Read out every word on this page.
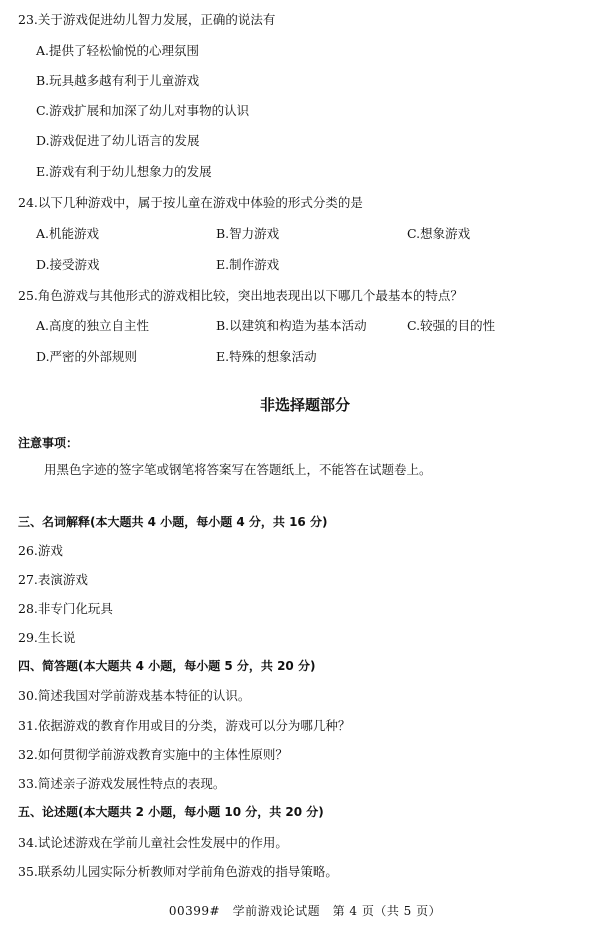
23.关于游戏促进幼儿智力发展，正确的说法有
A.提供了轻松愉悦的心理氛围
B.玩具越多越有利于儿童游戏
C.游戏扩展和加深了幼儿对事物的认识
D.游戏促进了幼儿语言的发展
E.游戏有利于幼儿想象力的发展
24.以下几种游戏中，属于按儿童在游戏中体验的形式分类的是
A.机能游戏	B.智力游戏	C.想象游戏
D.接受游戏	E.制作游戏
25.角色游戏与其他形式的游戏相比较，突出地表现出以下哪几个最基本的特点？
A.高度的独立自主性	B.以建筑和构造为基本活动	C.较强的目的性
D.严密的外部规则	E.特殊的想象活动
非选择题部分
注意事项：
用黑色字迹的签字笔或钢笔将答案写在答题纸上，不能答在试题卷上。
三、名词解释(本大题共 4 小题，每小题 4 分，共 16 分)
26.游戏
27.表演游戏
28.非专门化玩具
29.生长说
四、简答题(本大题共 4 小题，每小题 5 分，共 20 分)
30.简述我国对学前游戏基本特征的认识。
31.依据游戏的教育作用或目的分类，游戏可以分为哪几种？
32.如何贯彻学前游戏教育实施中的主体性原则？
33.简述亲子游戏发展性特点的表现。
五、论述题(本大题共 2 小题，每小题 10 分，共 20 分)
34.试论述游戏在学前儿童社会性发展中的作用。
35.联系幼儿园实际分析教师对学前角色游戏的指导策略。
00399#　学前游戏论试题　第 4 页（共 5 页）
